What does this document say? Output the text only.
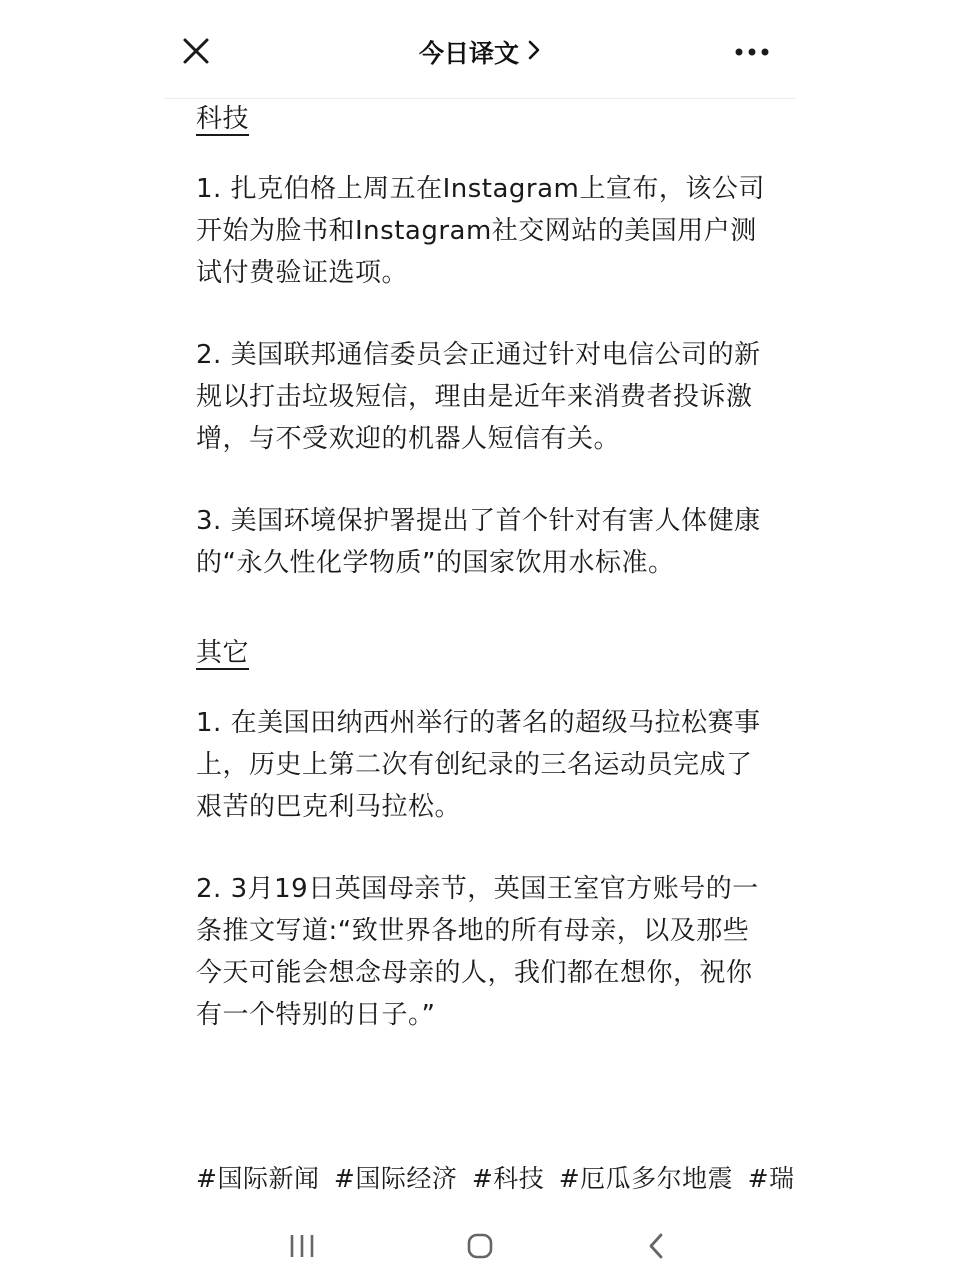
今日译文
科技

1. 扎克伯格上周五在Instagram上宣布，该公司开始为脸书和Instagram社交网站的美国用户测试付费验证选项。

2. 美国联邦通信委员会正通过针对电信公司的新规以打击垃圾短信，理由是近年来消费者投诉激增，与不受欢迎的机器人短信有关。

3. 美国环境保护署提出了首个针对有害人体健康的“永久性化学物质”的国家饮用水标准。

其它

1. 在美国田纳西州举行的著名的超级马拉松赛事上，历史上第二次有创纪录的三名运动员完成了艰苦的巴克利马拉松。

2. 3月19日英国母亲节，英国王室官方账号的一条推文写道:“致世界各地的所有母亲，以及那些今天可能会想念母亲的人，我们都在想你，祝你有一个特别的日子。”

#国际新闻 #国际经济 #科技 #厄瓜多尔地震 #瑞
